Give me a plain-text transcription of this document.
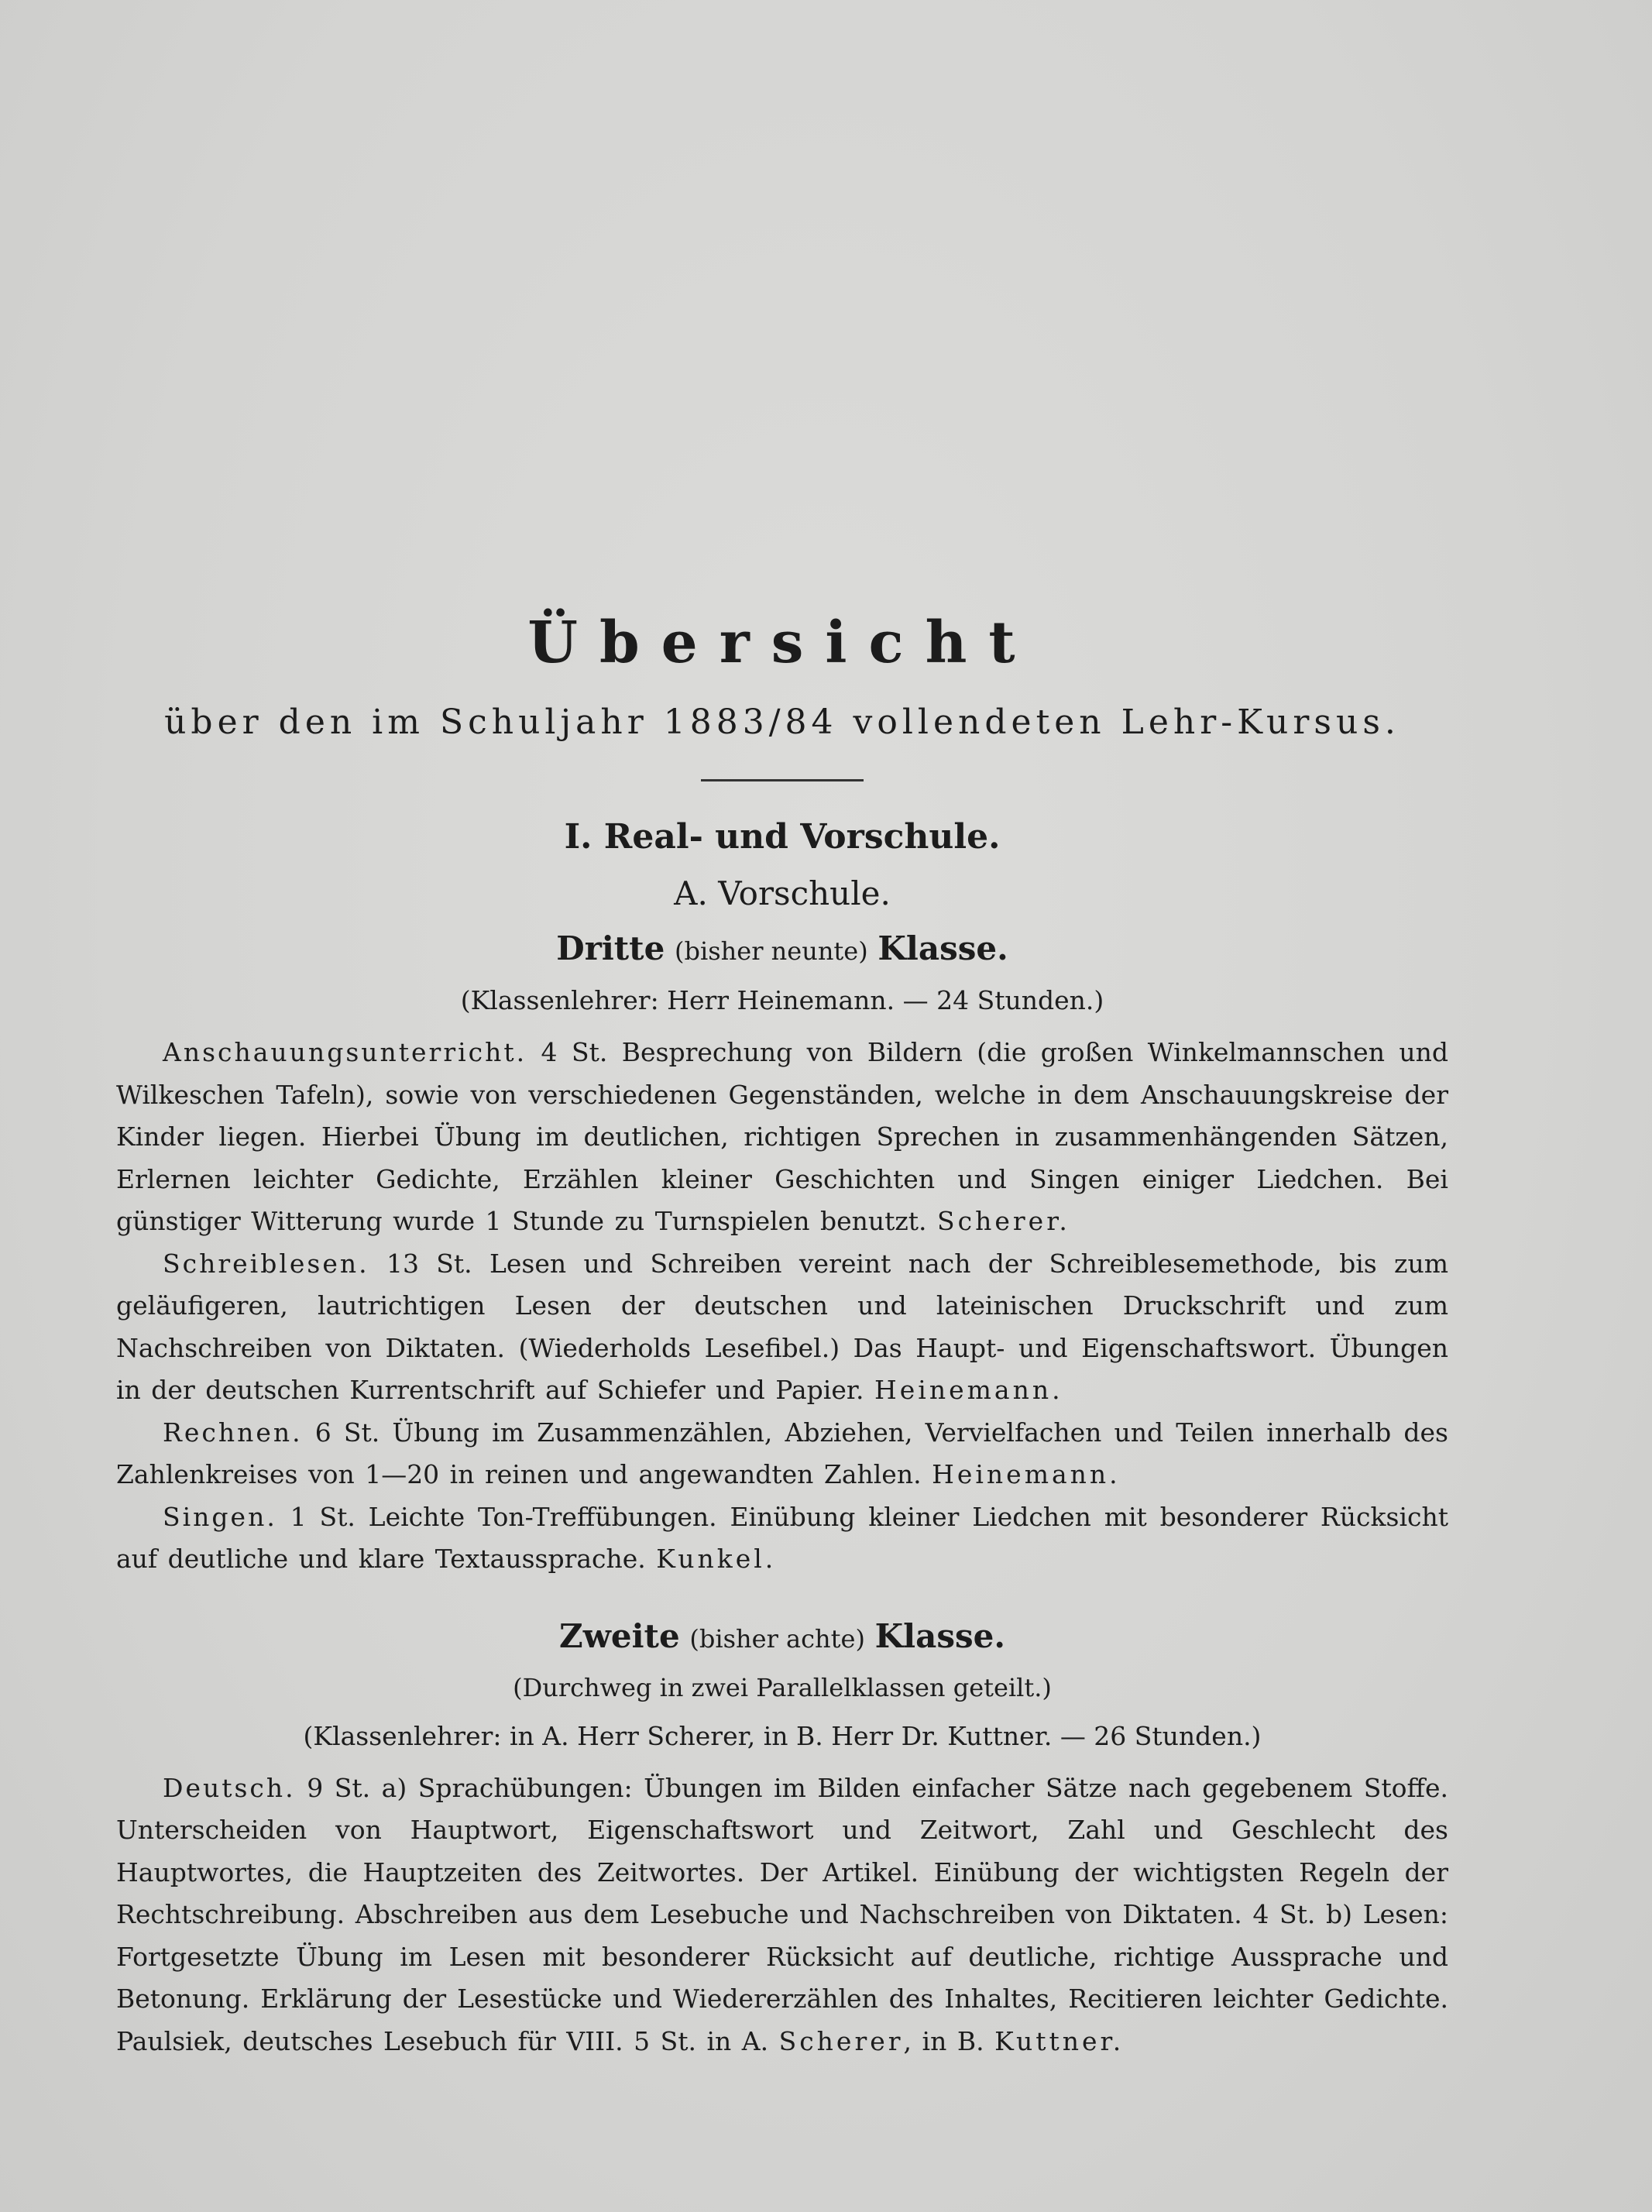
Übersicht
über den im Schuljahr 1883/84 vollendeten Lehr-Kursus.
I. Real- und Vorschule.
A. Vorschule.
Dritte (bisher neunte) Klasse.
(Klassenlehrer: Herr Heinemann. — 24 Stunden.)

Anschauungsunterricht. 4 St. Besprechung von Bildern (die großen Winkelmannschen und Wilkeschen Tafeln), sowie von verschiedenen Gegenständen, welche in dem Anschauungskreise der Kinder liegen. Hierbei Übung im deutlichen, richtigen Sprechen in zusammenhängenden Sätzen, Erlernen leichter Gedichte, Erzählen kleiner Geschichten und Singen einiger Liedchen. Bei günstiger Witterung wurde 1 Stunde zu Turnspielen benutzt. Scherer.

Schreiblesen. 13 St. Lesen und Schreiben vereint nach der Schreiblesemethode, bis zum geläufigeren, lautrichtigen Lesen der deutschen und lateinischen Druckschrift und zum Nachschreiben von Diktaten. (Wiederholds Lesefibel.) Das Haupt- und Eigenschaftswort. Übungen in der deutschen Kurrentschrift auf Schiefer und Papier. Heinemann.

Rechnen. 6 St. Übung im Zusammenzählen, Abziehen, Vervielfachen und Teilen innerhalb des Zahlenkreises von 1—20 in reinen und angewandten Zahlen. Heinemann.

Singen. 1 St. Leichte Ton-Treffübungen. Einübung kleiner Liedchen mit besonderer Rücksicht auf deutliche und klare Textaussprache. Kunkel.

Zweite (bisher achte) Klasse.
(Durchweg in zwei Parallelklassen geteilt.)
(Klassenlehrer: in A. Herr Scherer, in B. Herr Dr. Kuttner. — 26 Stunden.)

Deutsch. 9 St. a) Sprachübungen: Übungen im Bilden einfacher Sätze nach gegebenem Stoffe. Unterscheiden von Hauptwort, Eigenschaftswort und Zeitwort, Zahl und Geschlecht des Hauptwortes, die Hauptzeiten des Zeitwortes. Der Artikel. Einübung der wichtigsten Regeln der Rechtschreibung. Abschreiben aus dem Lesebuche und Nachschreiben von Diktaten. 4 St. b) Lesen: Fortgesetzte Übung im Lesen mit besonderer Rücksicht auf deutliche, richtige Aussprache und Betonung. Erklärung der Lesestücke und Wiedererzählen des Inhaltes, Recitieren leichter Gedichte. Paulsiek, deutsches Lesebuch für VIII. 5 St. in A. Scherer, in B. Kuttner.
